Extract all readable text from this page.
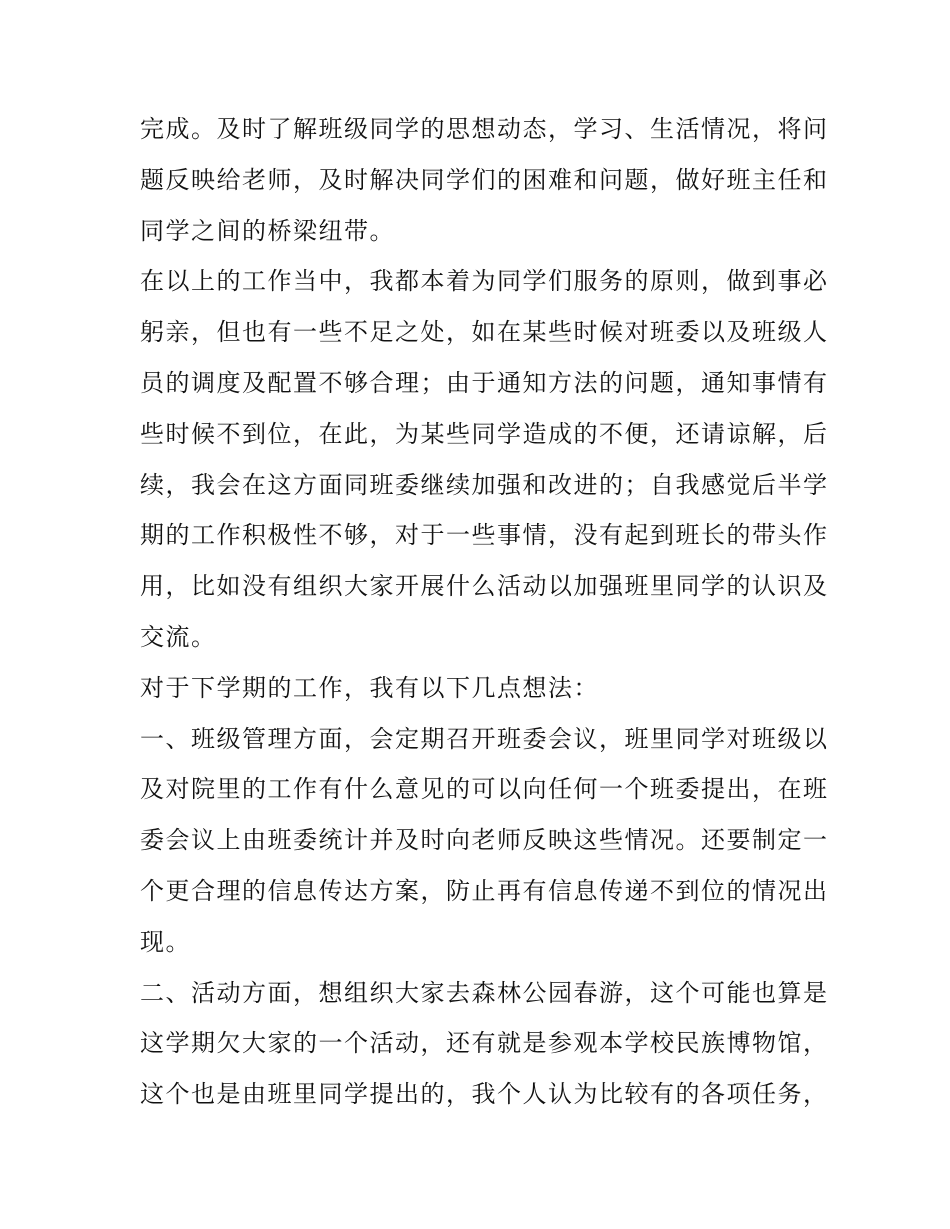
完成。及时了解班级同学的思想动态，学习、生活情况，将问
题反映给老师，及时解决同学们的困难和问题，做好班主任和
同学之间的桥梁纽带。

在以上的工作当中，我都本着为同学们服务的原则，做到事必
躬亲，但也有一些不足之处，如在某些时候对班委以及班级人
员的调度及配置不够合理；由于通知方法的问题，通知事情有
些时候不到位，在此，为某些同学造成的不便，还请谅解，后
续，我会在这方面同班委继续加强和改进的；自我感觉后半学
期的工作积极性不够，对于一些事情，没有起到班长的带头作
用，比如没有组织大家开展什么活动以加强班里同学的认识及
交流。

对于下学期的工作，我有以下几点想法：

一、班级管理方面，会定期召开班委会议，班里同学对班级以
及对院里的工作有什么意见的可以向任何一个班委提出，在班
委会议上由班委统计并及时向老师反映这些情况。还要制定一
个更合理的信息传达方案，防止再有信息传递不到位的情况出
现。

二、活动方面，想组织大家去森林公园春游，这个可能也算是
这学期欠大家的一个活动，还有就是参观本学校民族博物馆，
这个也是由班里同学提出的，我个人认为比较有的各项任务，
